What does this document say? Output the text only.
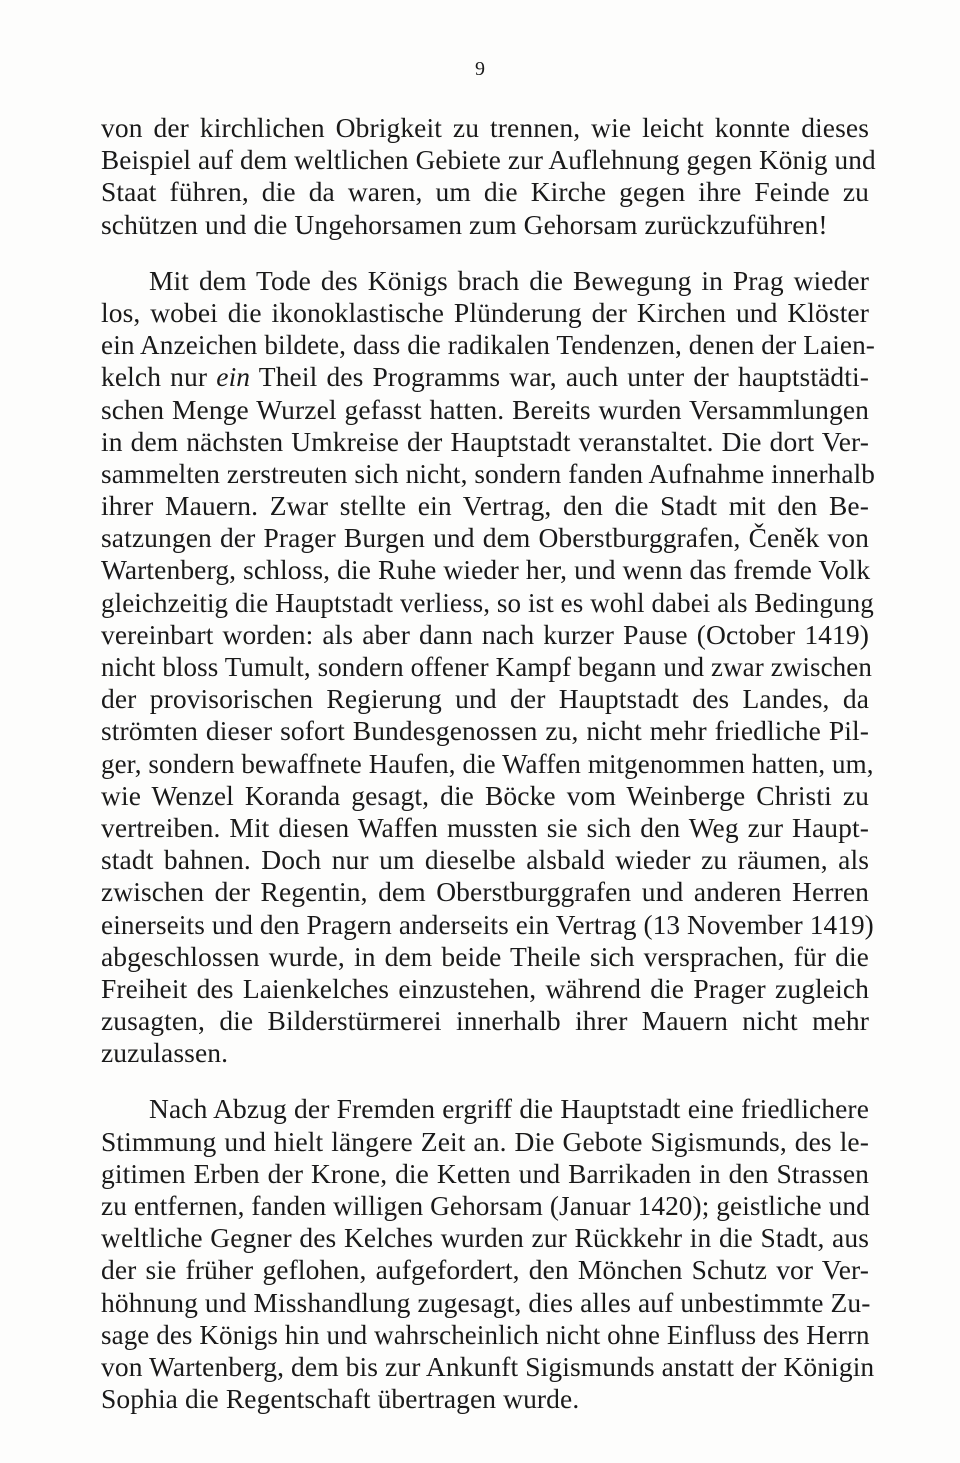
9
von der kirchlichen Obrigkeit zu trennen, wie leicht konnte dieses
Beispiel auf dem weltlichen Gebiete zur Auflehnung gegen König und
Staat führen, die da waren, um die Kirche gegen ihre Feinde zu
schützen und die Ungehorsamen zum Gehorsam zurückzuführen!
Mit dem Tode des Königs brach die Bewegung in Prag wieder
los, wobei die ikonoklastische Plünderung der Kirchen und Klöster
ein Anzeichen bildete, dass die radikalen Tendenzen, denen der Laien-
kelch nur ein Theil des Programms war, auch unter der hauptstädti-
schen Menge Wurzel gefasst hatten. Bereits wurden Versammlungen
in dem nächsten Umkreise der Hauptstadt veranstaltet. Die dort Ver-
sammelten zerstreuten sich nicht, sondern fanden Aufnahme innerhalb
ihrer Mauern. Zwar stellte ein Vertrag, den die Stadt mit den Be-
satzungen der Prager Burgen und dem Oberstburggrafen, Čeněk von
Wartenberg, schloss, die Ruhe wieder her, und wenn das fremde Volk
gleichzeitig die Hauptstadt verliess, so ist es wohl dabei als Bedingung
vereinbart worden: als aber dann nach kurzer Pause (October 1419)
nicht bloss Tumult, sondern offener Kampf begann und zwar zwischen
der provisorischen Regierung und der Hauptstadt des Landes, da
strömten dieser sofort Bundesgenossen zu, nicht mehr friedliche Pil-
ger, sondern bewaffnete Haufen, die Waffen mitgenommen hatten, um,
wie Wenzel Koranda gesagt, die Böcke vom Weinberge Christi zu
vertreiben. Mit diesen Waffen mussten sie sich den Weg zur Haupt-
stadt bahnen. Doch nur um dieselbe alsbald wieder zu räumen, als
zwischen der Regentin, dem Oberstburggrafen und anderen Herren
einerseits und den Pragern anderseits ein Vertrag (13 November 1419)
abgeschlossen wurde, in dem beide Theile sich versprachen, für die
Freiheit des Laienkelches einzustehen, während die Prager zugleich
zusagten, die Bilderstürmerei innerhalb ihrer Mauern nicht mehr
zuzulassen.
Nach Abzug der Fremden ergriff die Hauptstadt eine friedlichere
Stimmung und hielt längere Zeit an. Die Gebote Sigismunds, des le-
gitimen Erben der Krone, die Ketten und Barrikaden in den Strassen
zu entfernen, fanden willigen Gehorsam (Januar 1420); geistliche und
weltliche Gegner des Kelches wurden zur Rückkehr in die Stadt, aus
der sie früher geflohen, aufgefordert, den Mönchen Schutz vor Ver-
höhnung und Misshandlung zugesagt, dies alles auf unbestimmte Zu-
sage des Königs hin und wahrscheinlich nicht ohne Einfluss des Herrn
von Wartenberg, dem bis zur Ankunft Sigismunds anstatt der Königin
Sophia die Regentschaft übertragen wurde.
